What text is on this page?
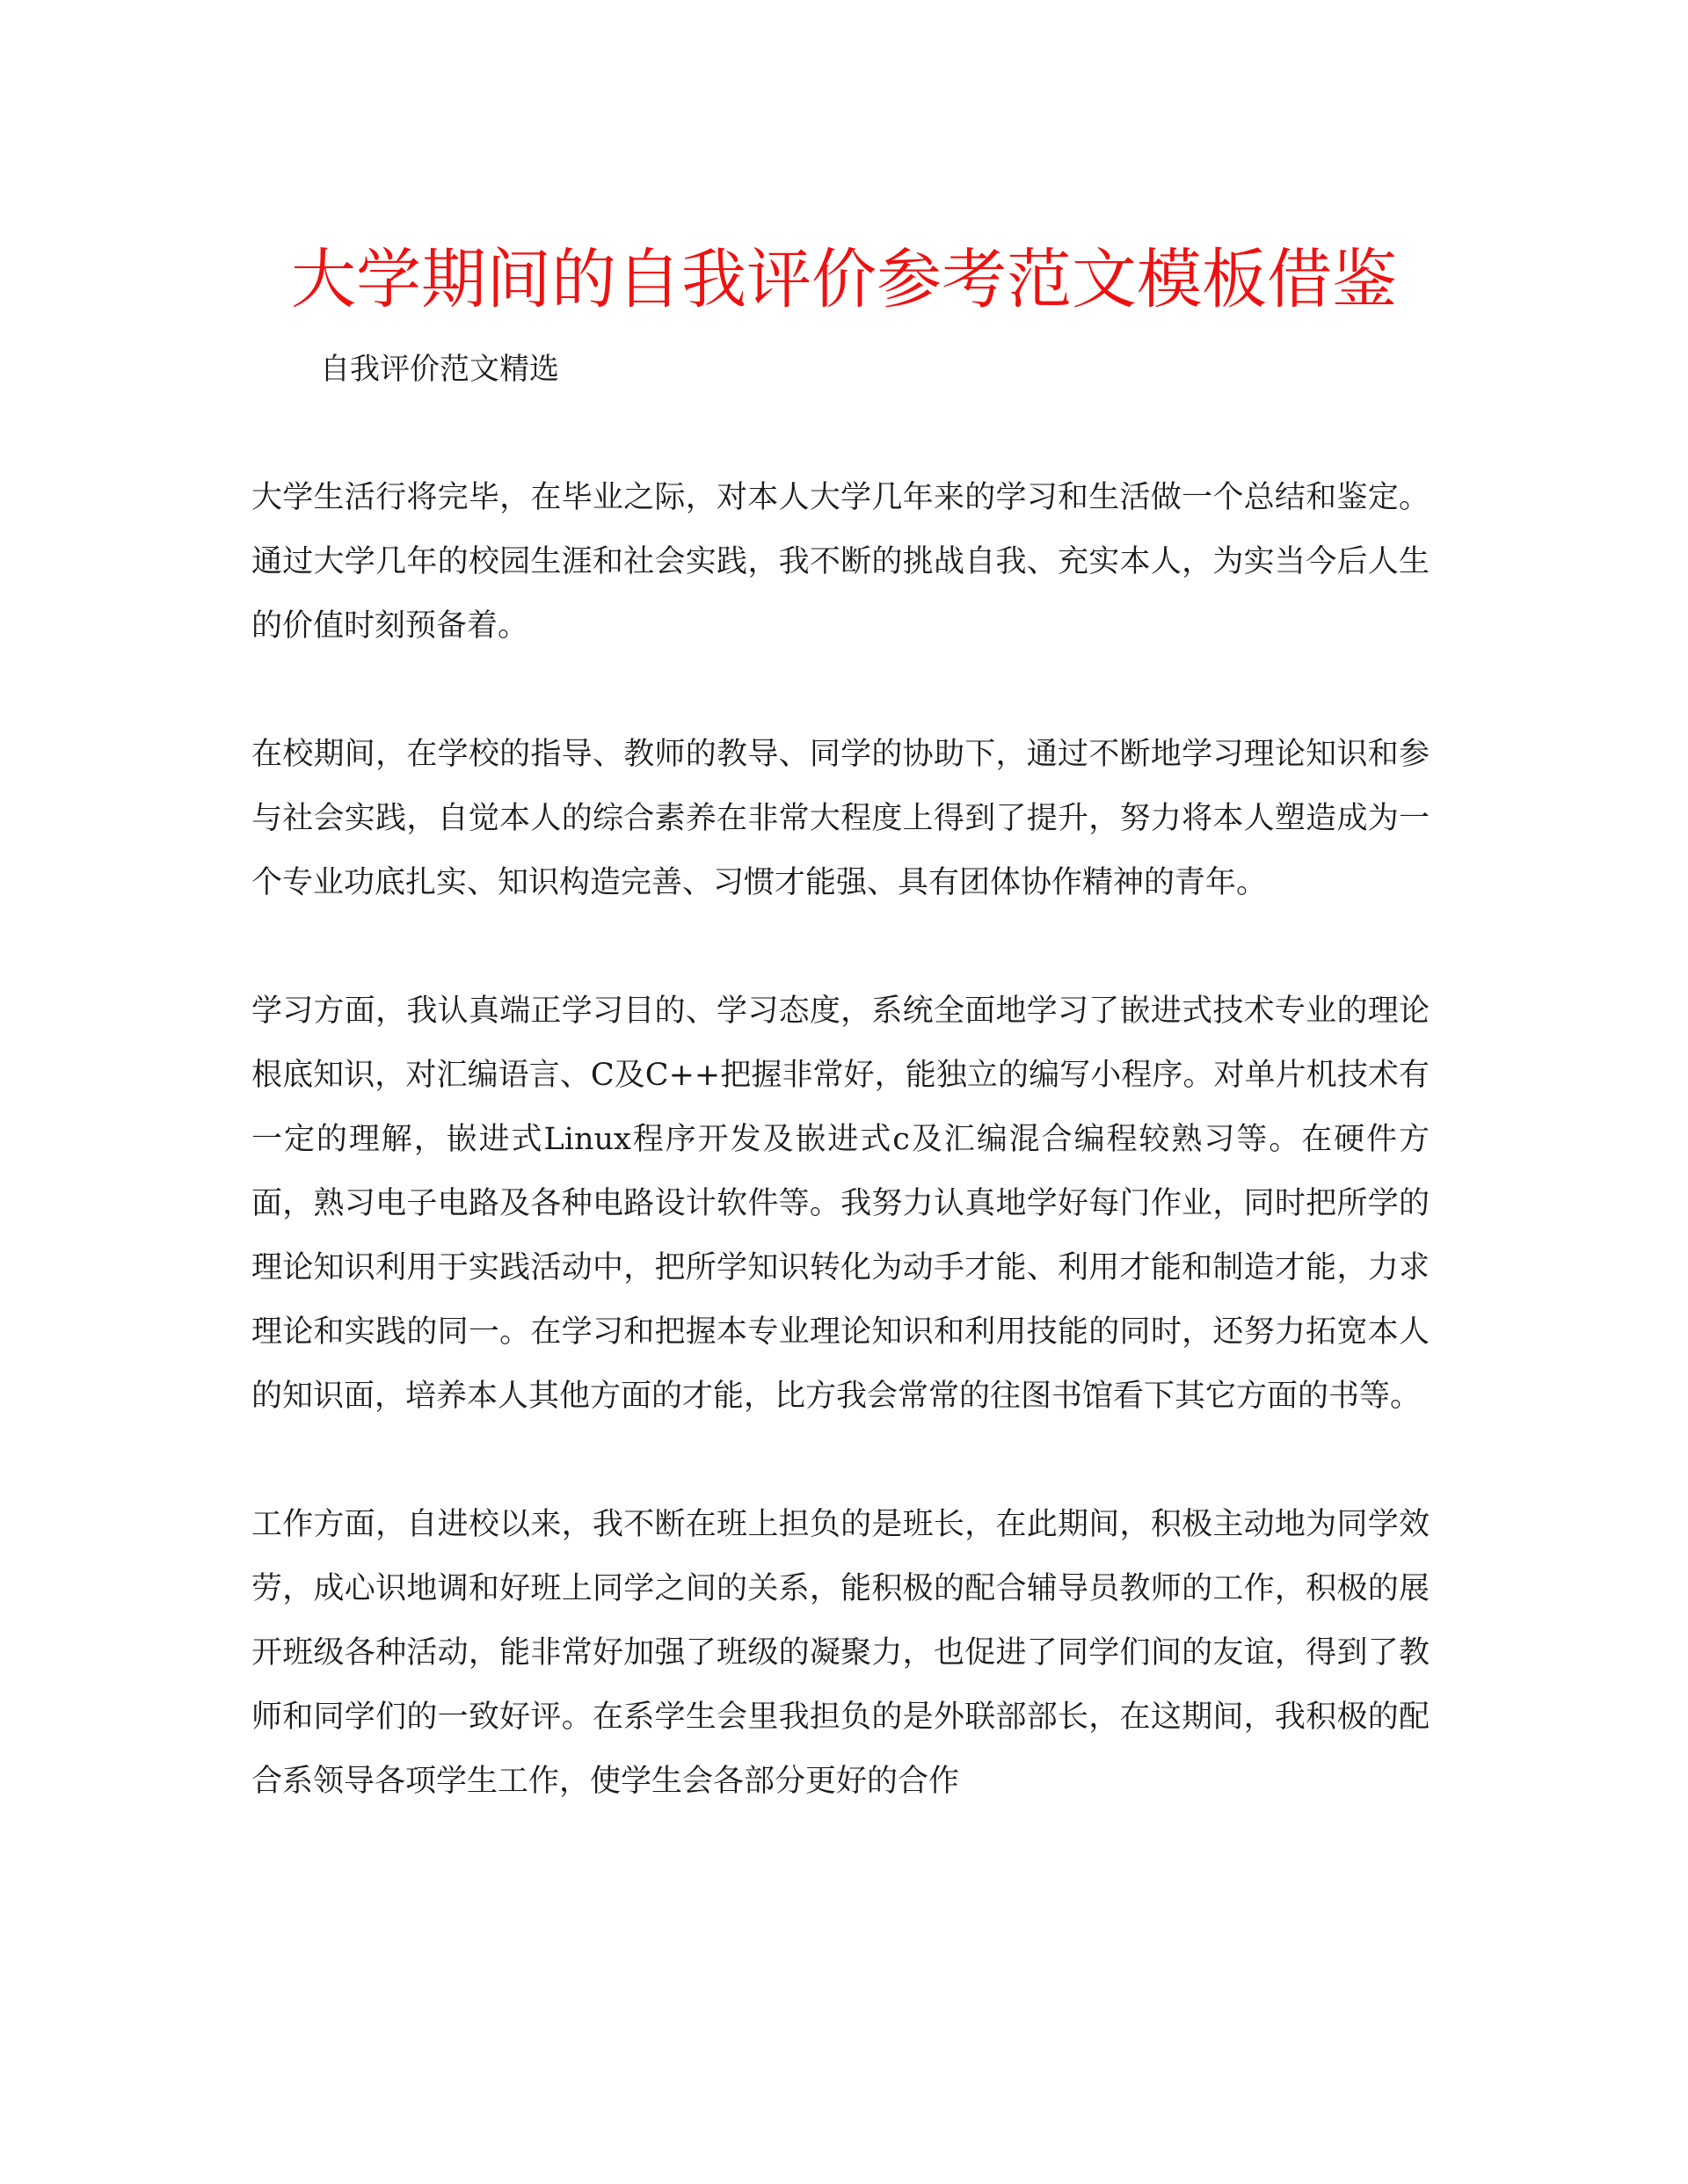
大学期间的自我评价参考范文模板借鉴
自我评价范文精选

大学生活行将完毕，在毕业之际，对本人大学几年来的学习和生活做一个总结和鉴定。通过大学几年的校园生涯和社会实践，我不断的挑战自我、充实本人，为实当今后人生的价值时刻预备着。

在校期间，在学校的指导、教师的教导、同学的协助下，通过不断地学习理论知识和参与社会实践，自觉本人的综合素养在非常大程度上得到了提升，努力将本人塑造成为一个专业功底扎实、知识构造完善、习惯才能强、具有团体协作精神的青年。

学习方面，我认真端正学习目的、学习态度，系统全面地学习了嵌进式技术专业的理论根底知识，对汇编语言、C及C++把握非常好，能独立的编写小程序。对单片机技术有一定的理解，嵌进式Linux程序开发及嵌进式c及汇编混合编程较熟习等。在硬件方面，熟习电子电路及各种电路设计软件等。我努力认真地学好每门作业，同时把所学的理论知识利用于实践活动中，把所学知识转化为动手才能、利用才能和制造才能，力求理论和实践的同一。在学习和把握本专业理论知识和利用技能的同时，还努力拓宽本人的知识面，培养本人其他方面的才能，比方我会常常的往图书馆看下其它方面的书等。

工作方面，自进校以来，我不断在班上担负的是班长，在此期间，积极主动地为同学效劳，成心识地调和好班上同学之间的关系，能积极的配合辅导员教师的工作，积极的展开班级各种活动，能非常好加强了班级的凝聚力，也促进了同学们间的友谊，得到了教师和同学们的一致好评。在系学生会里我担负的是外联部部长，在这期间，我积极的配合系领导各项学生工作，使学生会各部分更好的合作
